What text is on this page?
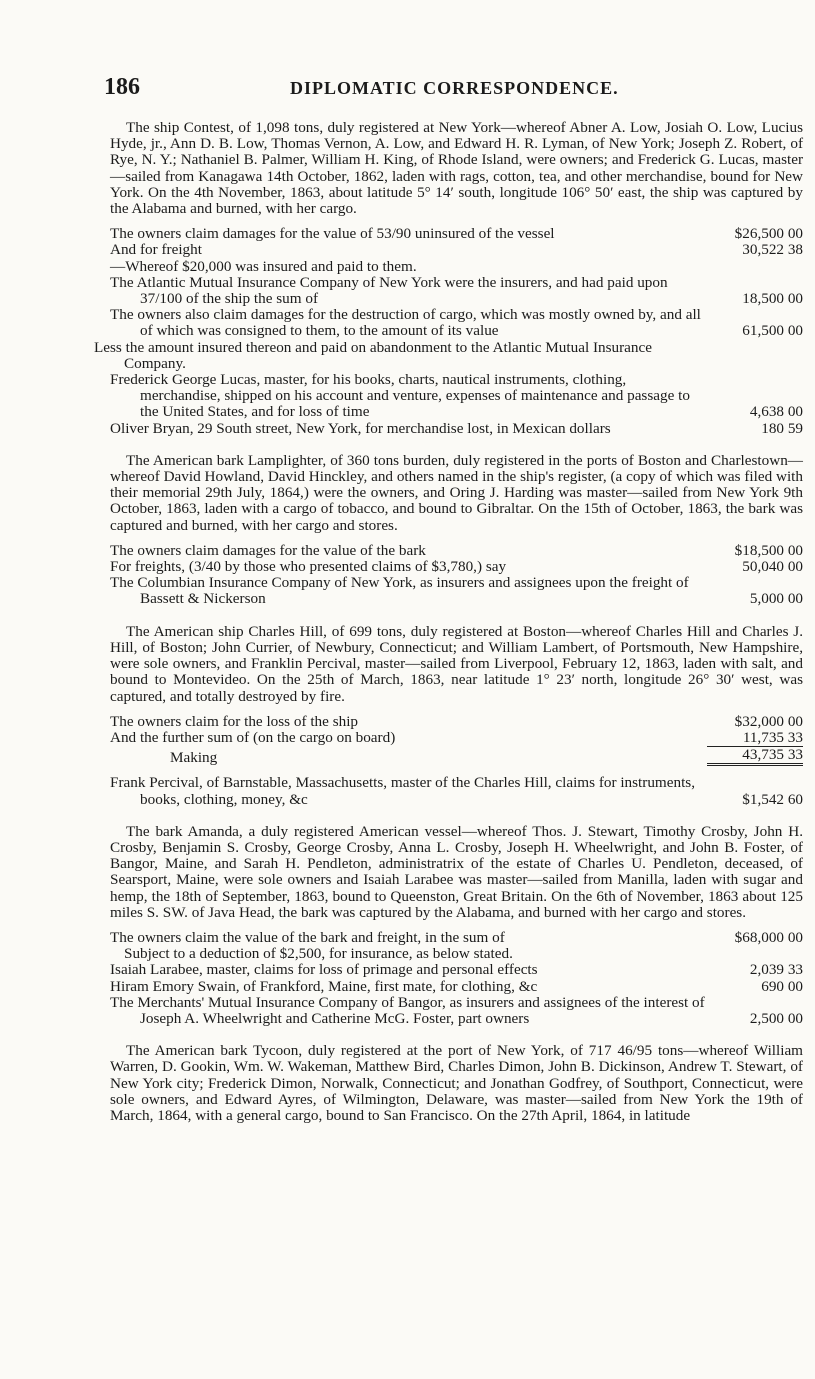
186	DIPLOMATIC CORRESPONDENCE.

The ship Contest, of 1,098 tons, duly registered at New York—whereof Abner A. Low, Josiah O. Low, Lucius Hyde, jr., Ann D. B. Low, Thomas Vernon, A. Low, and Edward H. R. Lyman, of New York; Joseph Z. Robert, of Rye, N. Y.; Nathaniel B. Palmer, William H. King, of Rhode Island, were owners; and Frederick G. Lucas, master—sailed from Kanagawa 14th October, 1862, laden with rags, cotton, tea, and other merchandise, bound for New York. On the 4th November, 1863, about latitude 5° 14′ south, longitude 106° 50′ east, the ship was captured by the Alabama and burned, with her cargo.

The owners claim damages for the value of 53/90 uninsured of the vessel	$26,500 00
And for freight	30,522 38
—Whereof $20,000 was insured and paid to them.
The Atlantic Mutual Insurance Company of New York were the insurers, and had paid upon 37/100 of the ship the sum of	18,500 00
The owners also claim damages for the destruction of cargo, which was mostly owned by, and all of which was consigned to them, to the amount of its value	61,500 00
Less the amount insured thereon and paid on abandonment to the Atlantic Mutual Insurance Company.
Frederick George Lucas, master, for his books, charts, nautical instruments, clothing, merchandise, shipped on his account and venture, expenses of maintenance and passage to the United States, and for loss of time	4,638 00
Oliver Bryan, 29 South street, New York, for merchandise lost, in Mexican dollars	180 59

The American bark Lamplighter, of 360 tons burden, duly registered in the ports of Boston and Charlestown—whereof David Howland, David Hinckley, and others named in the ship's register, (a copy of which was filed with their memorial 29th July, 1864,) were the owners, and Oring J. Harding was master—sailed from New York 9th October, 1863, laden with a cargo of tobacco, and bound to Gibraltar. On the 15th of October, 1863, the bark was captured and burned, with her cargo and stores.

The owners claim damages for the value of the bark	$18,500 00
For freights, (3/40 by those who presented claims of $3,780,) say	50,040 00
The Columbian Insurance Company of New York, as insurers and assignees upon the freight of Bassett & Nickerson	5,000 00

The American ship Charles Hill, of 699 tons, duly registered at Boston—whereof Charles Hill and Charles J. Hill, of Boston; John Currier, of Newbury, Connecticut; and William Lambert, of Portsmouth, New Hampshire, were sole owners, and Franklin Percival, master—sailed from Liverpool, February 12, 1863, laden with salt, and bound to Montevideo. On the 25th of March, 1863, near latitude 1° 23′ north, longitude 26° 30′ west, was captured, and totally destroyed by fire.

The owners claim for the loss of the ship	$32,000 00
And the further sum of (on the cargo on board)	11,735 33
Making	43,735 33
Frank Percival, of Barnstable, Massachusetts, master of the Charles Hill, claims for instruments, books, clothing, money, &c	$1,542 60

The bark Amanda, a duly registered American vessel—whereof Thos. J. Stewart, Timothy Crosby, John H. Crosby, Benjamin S. Crosby, George Crosby, Anna L. Crosby, Joseph H. Wheelwright, and John B. Foster, of Bangor, Maine, and Sarah H. Pendleton, administratrix of the estate of Charles U. Pendleton, deceased, of Searsport, Maine, were sole owners and Isaiah Larabee was master—sailed from Manilla, laden with sugar and hemp, the 18th of September, 1863, bound to Queenston, Great Britain. On the 6th of November, 1863 about 125 miles S. SW. of Java Head, the bark was captured by the Alabama, and burned with her cargo and stores.

The owners claim the value of the bark and freight, in the sum of	$68,000 00
Subject to a deduction of $2,500, for insurance, as below stated.
Isaiah Larabee, master, claims for loss of primage and personal effects	2,039 33
Hiram Emory Swain, of Frankford, Maine, first mate, for clothing, &c	690 00
The Merchants' Mutual Insurance Company of Bangor, as insurers and assignees of the interest of Joseph A. Wheelwright and Catherine McG. Foster, part owners	2,500 00

The American bark Tycoon, duly registered at the port of New York, of 717 46/95 tons—whereof William Warren, D. Gookin, Wm. W. Wakeman, Matthew Bird, Charles Dimon, John B. Dickinson, Andrew T. Stewart, of New York city; Frederick Dimon, Norwalk, Connecticut; and Jonathan Godfrey, of Southport, Connecticut, were sole owners, and Edward Ayres, of Wilmington, Delaware, was master—sailed from New York the 19th of March, 1864, with a general cargo, bound to San Francisco. On the 27th April, 1864, in latitude
